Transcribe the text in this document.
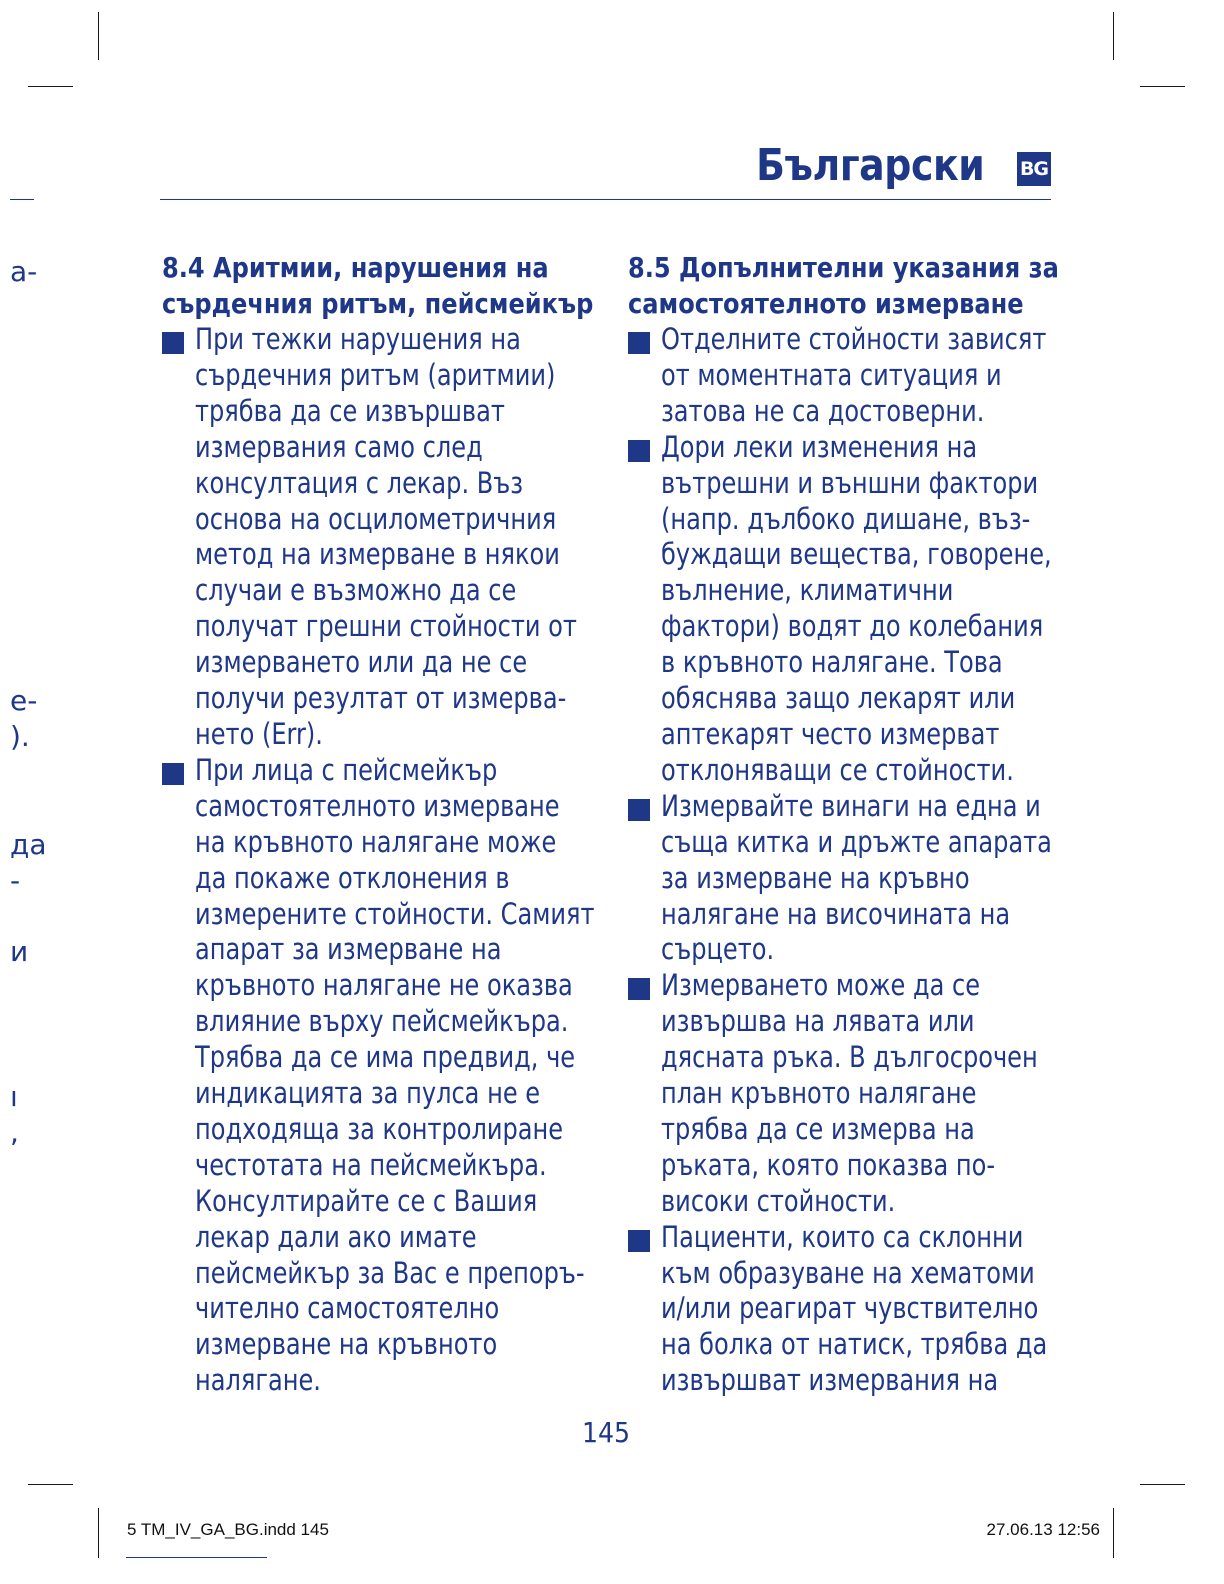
а-
е-
).
да
-
и
ı
,
Български BG
8.4 Аритмии, нарушения на
сърдечния ритъм, пейсмейкър
При тежки нарушения на
сърдечния ритъм (аритмии)
трябва да се извършват
измервания само след
консултация с лекар. Въз
основа на осцилометричния
метод на измерване в някои
случаи е възможно да се
получат грешни стойности от
измерването или да не се
получи резултат от измерва-
нето (Err).
При лица с пейсмейкър
самостоятелното измерване
на кръвното налягане може
да покаже отклонения в
измерените стойности. Самият
апарат за измерване на
кръвното налягане не оказва
влияние върху пейсмейкъра.
Трябва да се има предвид, че
индикацията за пулса не е
подходяща за контролиране
честотата на пейсмейкъра.
Консултирайте се с Вашия
лекар дали ако имате
пейсмейкър за Вас е препоръ-
чително самостоятелно
измерване на кръвното
налягане.
8.5 Допълнителни указания за
самостоятелното измерване
Отделните стойности зависят
от моментната ситуация и
затова не са достоверни.
Дори леки изменения на
вътрешни и външни фактори
(напр. дълбоко дишане, въз-
буждащи вещества, говорене,
вълнение, климатични
фактори) водят до колебания
в кръвното налягане. Това
обяснява защо лекарят или
аптекарят често измерват
отклоняващи се стойности.
Измервайте винаги на една и
съща китка и дръжте апарата
за измерване на кръвно
налягане на височината на
сърцето.
Измерването може да се
извършва на лявата или
дясната ръка. В дългосрочен
план кръвното налягане
трябва да се измерва на
ръката, която показва по-
високи стойности.
Пациенти, които са склонни
към образуване на хематоми
и/или реагират чувствително
на болка от натиск, трябва да
извършват измервания на
145
5 TM_IV_GA_BG.indd 145	27.06.13 12:56
